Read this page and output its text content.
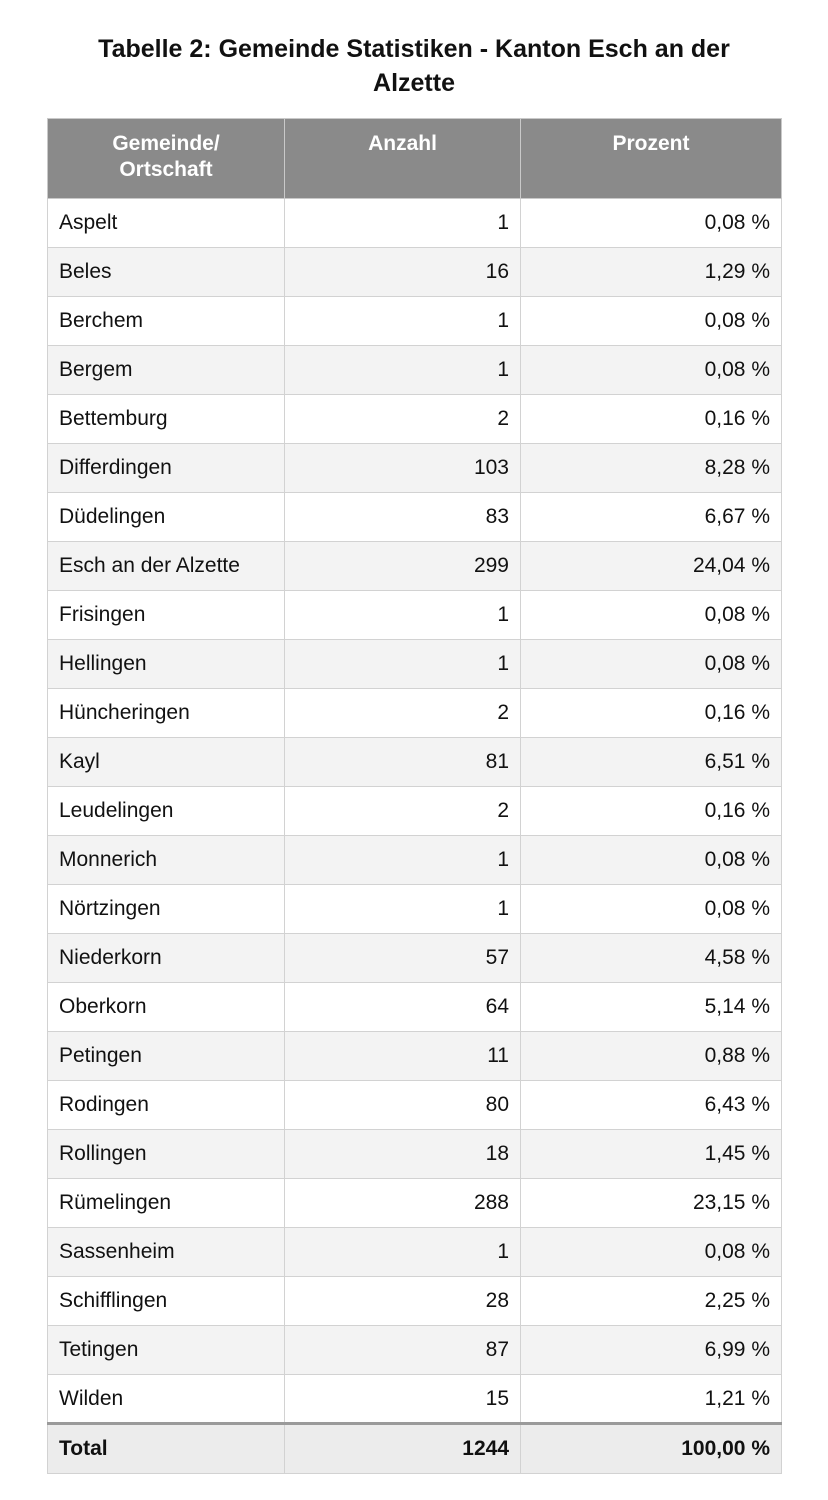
Tabelle 2: Gemeinde Statistiken - Kanton Esch an der
Alzette
Gemeinde/
Ortschaft	Anzahl	Prozent
Aspelt	1	0,08 %
Beles	16	1,29 %
Berchem	1	0,08 %
Bergem	1	0,08 %
Bettemburg	2	0,16 %
Differdingen	103	8,28 %
Düdelingen	83	6,67 %
Esch an der Alzette	299	24,04 %
Frisingen	1	0,08 %
Hellingen	1	0,08 %
Hüncheringen	2	0,16 %
Kayl	81	6,51 %
Leudelingen	2	0,16 %
Monnerich	1	0,08 %
Nörtzingen	1	0,08 %
Niederkorn	57	4,58 %
Oberkorn	64	5,14 %
Petingen	11	0,88 %
Rodingen	80	6,43 %
Rollingen	18	1,45 %
Rümelingen	288	23,15 %
Sassenheim	1	0,08 %
Schifflingen	28	2,25 %
Tetingen	87	6,99 %
Wilden	15	1,21 %
Total	1244	100,00 %
